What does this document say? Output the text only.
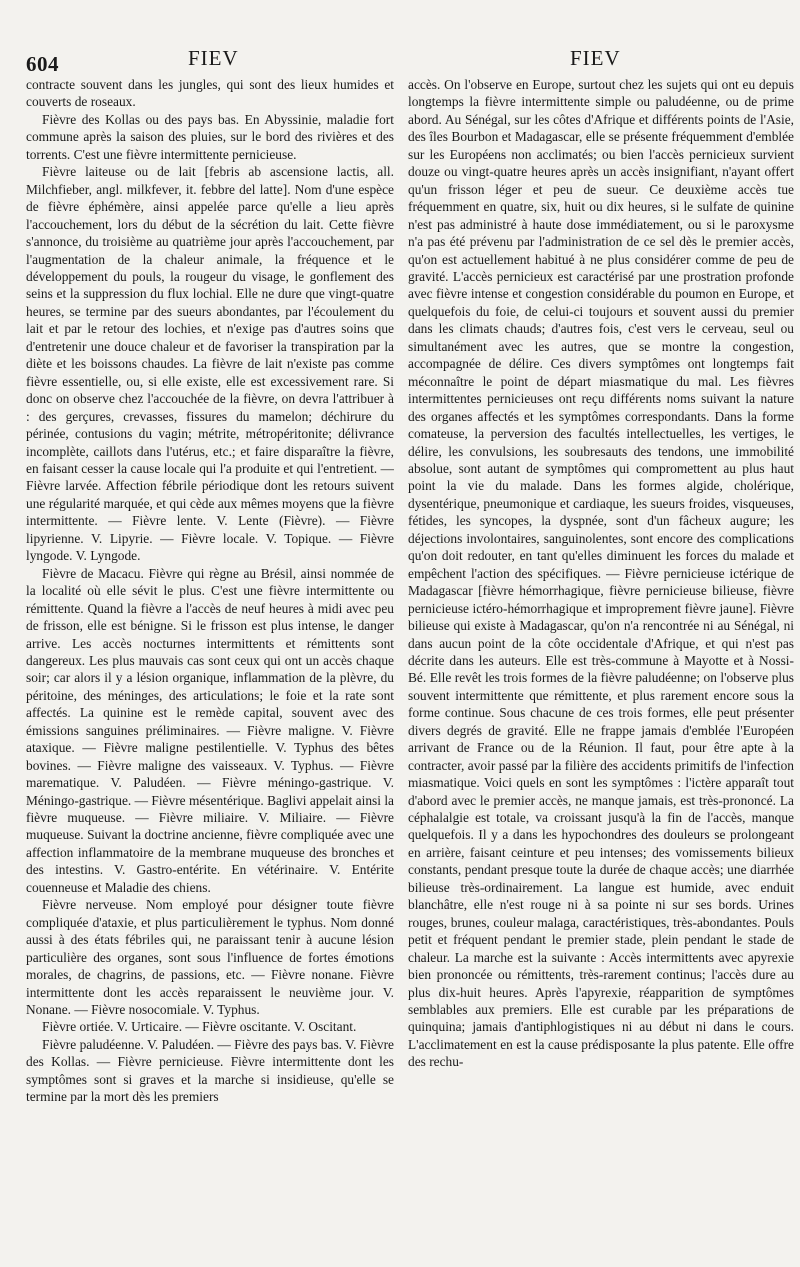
604	FIEV	FIEV

contracte souvent dans les jungles, qui sont des lieux humides et couverts de roseaux.

Fièvre des Kollas ou des pays bas. En Abyssinie, maladie fort commune après la saison des pluies, sur le bord des rivières et des torrents. C'est une fièvre intermittente pernicieuse.

Fièvre laiteuse ou de lait [febris ab ascensione lactis, all. Milchfieber, angl. milkfever, it. febbre del latte]. Nom d'une espèce de fièvre éphémère, ainsi appelée parce qu'elle a lieu après l'accouchement, lors du début de la sécrétion du lait. Cette fièvre s'annonce, du troisième au quatrième jour après l'accouchement, par l'augmentation de la chaleur animale, la fréquence et le développement du pouls, la rougeur du visage, le gonflement des seins et la suppression du flux lochial. Elle ne dure que vingt-quatre heures, se termine par des sueurs abondantes, par l'écoulement du lait et par le retour des lochies, et n'exige pas d'autres soins que d'entretenir une douce chaleur et de favoriser la transpiration par la diète et les boissons chaudes. La fièvre de lait n'existe pas comme fièvre essentielle, ou, si elle existe, elle est excessivement rare. Si donc on observe chez l'accouchée de la fièvre, on devra l'attribuer à : des gerçures, crevasses, fissures du mamelon; déchirure du périnée, contusions du vagin; métrite, métropéritonite; délivrance incomplète, caillots dans l'utérus, etc.; et faire disparaître la fièvre, en faisant cesser la cause locale qui l'a produite et qui l'entretient. — Fièvre larvée. Affection fébrile périodique dont les retours suivent une régularité marquée, et qui cède aux mêmes moyens que la fièvre intermittente. — Fièvre lente. V. Lente (Fièvre). — Fièvre lipyrienne. V. Lipyrie. — Fièvre locale. V. Topique. — Fièvre lyngode. V. Lyngode.

Fièvre de Macacu. Fièvre qui règne au Brésil, ainsi nommée de la localité où elle sévit le plus. C'est une fièvre intermittente ou rémittente. Quand la fièvre a l'accès de neuf heures à midi avec peu de frisson, elle est bénigne. Si le frisson est plus intense, le danger arrive. Les accès nocturnes intermittents et rémittents sont dangereux. Les plus mauvais cas sont ceux qui ont un accès chaque soir; car alors il y a lésion organique, inflammation de la plèvre, du péritoine, des méninges, des articulations; le foie et la rate sont affectés. La quinine est le remède capital, souvent avec des émissions sanguines préliminaires. — Fièvre maligne. V. Fièvre ataxique. — Fièvre maligne pestilentielle. V. Typhus des bêtes bovines. — Fièvre maligne des vaisseaux. V. Typhus. — Fièvre marematique. V. Paludéen. — Fièvre méningo-gastrique. V. Méningo-gastrique. — Fièvre mésentérique. Baglivi appelait ainsi la fièvre muqueuse. — Fièvre miliaire. V. Miliaire. — Fièvre muqueuse. Suivant la doctrine ancienne, fièvre compliquée avec une affection inflammatoire de la membrane muqueuse des bronches et des intestins. V. Gastro-entérite. En vétérinaire. V. Entérite couenneuse et Maladie des chiens.

Fièvre nerveuse. Nom employé pour désigner toute fièvre compliquée d'ataxie, et plus particulièrement le typhus. Nom donné aussi à des états fébriles qui, ne paraissant tenir à aucune lésion particulière des organes, sont sous l'influence de fortes émotions morales, de chagrins, de passions, etc. — Fièvre nonane. Fièvre intermittente dont les accès reparaissent le neuvième jour. V. Nonane. — Fièvre nosocomiale. V. Typhus.

Fièvre ortiée. V. Urticaire. — Fièvre oscitante. V. Oscitant.

Fièvre paludéenne. V. Paludéen. — Fièvre des pays bas. V. Fièvre des Kollas. — Fièvre pernicieuse. Fièvre intermittente dont les symptômes sont si graves et la marche si insidieuse, qu'elle se termine par la mort dès les premiers

accès. On l'observe en Europe, surtout chez les sujets qui ont eu depuis longtemps la fièvre intermittente simple ou paludéenne, ou de prime abord. Au Sénégal, sur les côtes d'Afrique et différents points de l'Asie, des îles Bourbon et Madagascar, elle se présente fréquemment d'emblée sur les Européens non acclimatés; ou bien l'accès pernicieux survient douze ou vingt-quatre heures après un accès insignifiant, n'ayant offert qu'un frisson léger et peu de sueur. Ce deuxième accès tue fréquemment en quatre, six, huit ou dix heures, si le sulfate de quinine n'est pas administré à haute dose immédiatement, ou si le paroxysme n'a pas été prévenu par l'administration de ce sel dès le premier accès, qu'on est actuellement habitué à ne plus considérer comme de peu de gravité. L'accès pernicieux est caractérisé par une prostration profonde avec fièvre intense et congestion considérable du poumon en Europe, et quelquefois du foie, de celui-ci toujours et souvent aussi du premier dans les climats chauds; d'autres fois, c'est vers le cerveau, seul ou simultanément avec les autres, que se montre la congestion, accompagnée de délire. Ces divers symptômes ont longtemps fait méconnaître le point de départ miasmatique du mal. Les fièvres intermittentes pernicieuses ont reçu différents noms suivant la nature des organes affectés et les symptômes correspondants. Dans la forme comateuse, la perversion des facultés intellectuelles, les vertiges, le délire, les convulsions, les soubresauts des tendons, une immobilité absolue, sont autant de symptômes qui compromettent au plus haut point la vie du malade. Dans les formes algide, cholérique, dysentérique, pneumonique et cardiaque, les sueurs froides, visqueuses, fétides, les syncopes, la dyspnée, sont d'un fâcheux augure; les déjections involontaires, sanguinolentes, sont encore des complications qu'on doit redouter, en tant qu'elles diminuent les forces du malade et empêchent l'action des spécifiques. — Fièvre pernicieuse ictérique de Madagascar [fièvre hémorrhagique, fièvre pernicieuse bilieuse, fièvre pernicieuse ictéro-hémorrhagique et improprement fièvre jaune]. Fièvre bilieuse qui existe à Madagascar, qu'on n'a rencontrée ni au Sénégal, ni dans aucun point de la côte occidentale d'Afrique, et qui n'est pas décrite dans les auteurs. Elle est très-commune à Mayotte et à Nossi-Bé. Elle revêt les trois formes de la fièvre paludéenne; on l'observe plus souvent intermittente que rémittente, et plus rarement encore sous la forme continue. Sous chacune de ces trois formes, elle peut présenter divers degrés de gravité. Elle ne frappe jamais d'emblée l'Européen arrivant de France ou de la Réunion. Il faut, pour être apte à la contracter, avoir passé par la filière des accidents primitifs de l'infection miasmatique. Voici quels en sont les symptômes : l'ictère apparaît tout d'abord avec le premier accès, ne manque jamais, est très-prononcé. La céphalalgie est totale, va croissant jusqu'à la fin de l'accès, manque quelquefois. Il y a dans les hypochondres des douleurs se prolongeant en arrière, faisant ceinture et peu intenses; des vomissements bilieux constants, pendant presque toute la durée de chaque accès; une diarrhée bilieuse très-ordinairement. La langue est humide, avec enduit blanchâtre, elle n'est rouge ni à sa pointe ni sur ses bords. Urines rouges, brunes, couleur malaga, caractéristiques, très-abondantes. Pouls petit et fréquent pendant le premier stade, plein pendant le stade de chaleur. La marche est la suivante : Accès intermittents avec apyrexie bien prononcée ou rémittents, très-rarement continus; l'accès dure au plus dix-huit heures. Après l'apyrexie, réapparition de symptômes semblables aux premiers. Elle est curable par les préparations de quinquina; jamais d'antiphlogistiques ni au début ni dans le cours. L'acclimatement en est la cause prédisposante la plus patente. Elle offre des rechu-
